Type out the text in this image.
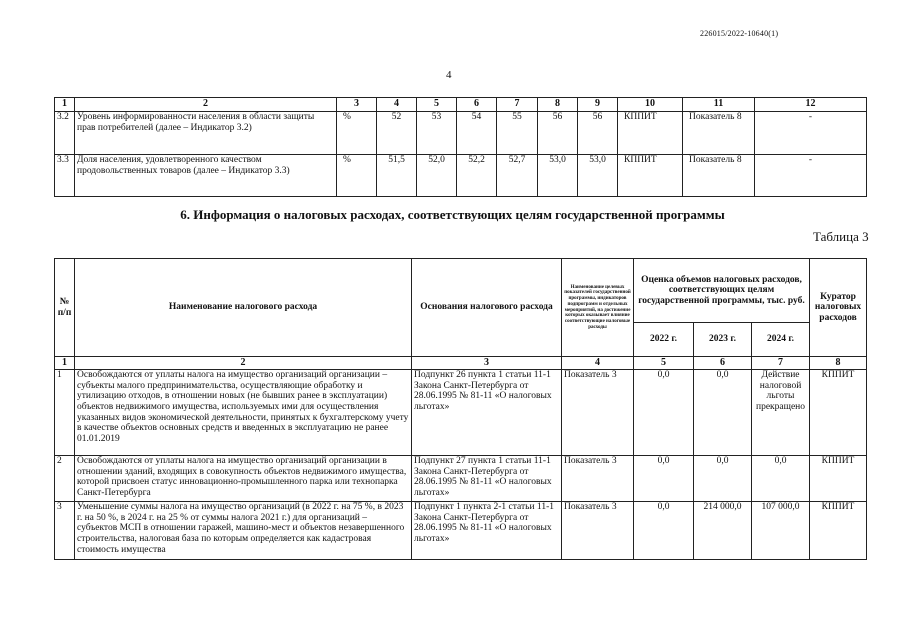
226015/2022-10640(1)
4
1	2	3	4	5	6	7	8	9	10	11	12
3.2	Уровень информированности населения в области защиты прав потребителей (далее – Индикатор 3.2)	%	52	53	54	55	56	56	КППИТ	Показатель 8	-
3.3	Доля населения, удовлетворенного качеством продовольственных товаров (далее – Индикатор 3.3)	%	51,5	52,0	52,2	52,7	53,0	53,0	КППИТ	Показатель 8	-
6. Информация о налоговых расходах, соответствующих целям государственной программы
Таблица 3
№ п/п	Наименование налогового расхода	Основания налогового расхода	Наименование целевых показателей государственной программы, индикаторов подпрограмм и отдельных мероприятий, на достижение которых оказывает влияние соответствующие налоговые расходы	Оценка объемов налоговых расходов, соответствующих целям государственной программы, тыс. руб.			Куратор налоговых расходов
				2022 г.	2023 г.	2024 г.	
1	2	3	4	5	6	7	8
1	Освобождаются от уплаты налога на имущество организаций организации – субъекты малого предпринимательства, осуществляющие обработку и утилизацию отходов, в отношении новых (не бывших ранее в эксплуатации) объектов недвижимого имущества, используемых ими для осуществления указанных видов экономической деятельности, принятых к бухгалтерскому учету в качестве объектов основных средств и введенных в эксплуатацию не ранее 01.01.2019	Подпункт 26 пункта 1 статьи 11-1 Закона Санкт-Петербурга от 28.06.1995 № 81-11 «О налоговых льготах»	Показатель 3	0,0	0,0	Действие налоговой льготы прекращено	КППИТ
2	Освобождаются от уплаты налога на имущество организаций организации в отношении зданий, входящих в совокупность объектов недвижимого имущества, которой присвоен статус инновационно-промышленного парка или технопарка Санкт-Петербурга	Подпункт 27 пункта 1 статьи 11-1 Закона Санкт-Петербурга от 28.06.1995 № 81-11 «О налоговых льготах»	Показатель 3	0,0	0,0	0,0	КППИТ
3	Уменьшение суммы налога на имущество организаций (в 2022 г. на 75 %, в 2023 г. на 50 %, в 2024 г. на 25 % от суммы налога 2021 г.) для организаций – субъектов МСП в отношении гаражей, машино-мест и объектов незавершенного строительства, налоговая база по которым определяется как кадастровая стоимость имущества	Подпункт 1 пункта 2-1 статьи 11-1 Закона Санкт-Петербурга от 28.06.1995 № 81-11 «О налоговых льготах»	Показатель 3	0,0	214 000,0	107 000,0	КППИТ
